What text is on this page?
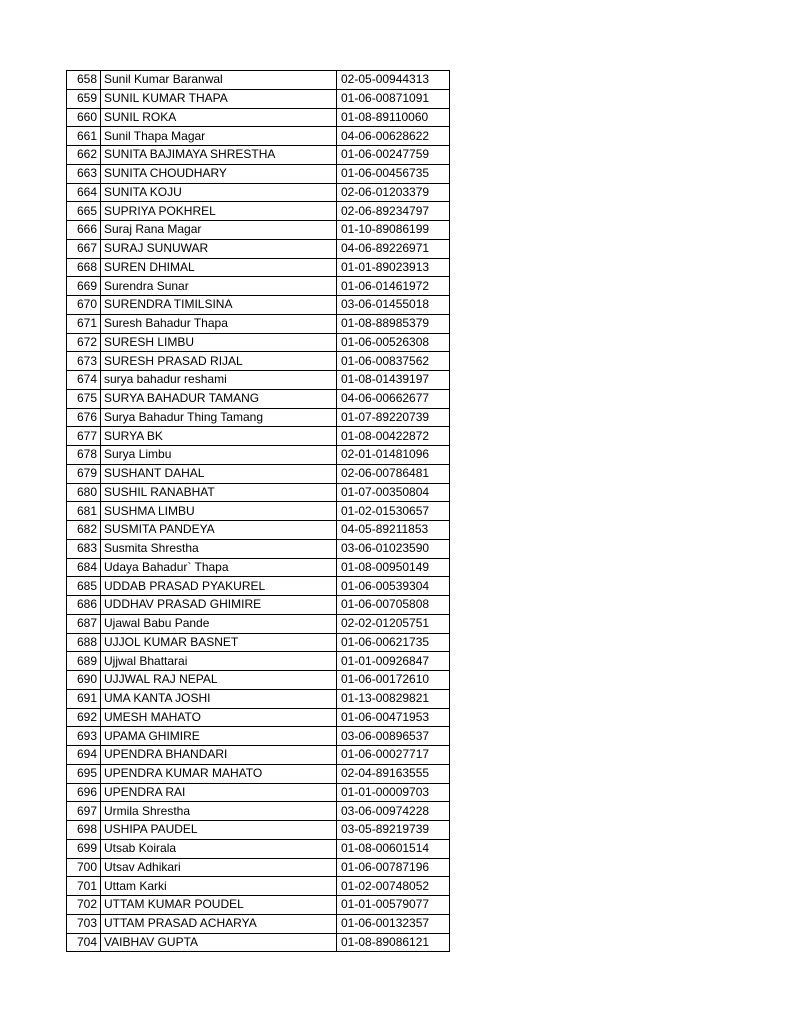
658	Sunil Kumar Baranwal	02-05-00944313
659	SUNIL KUMAR THAPA	01-06-00871091
660	SUNIL ROKA	01-08-89110060
661	Sunil Thapa Magar	04-06-00628622
662	SUNITA BAJIMAYA SHRESTHA	01-06-00247759
663	SUNITA CHOUDHARY	01-06-00456735
664	SUNITA KOJU	02-06-01203379
665	SUPRIYA POKHREL	02-06-89234797
666	Suraj Rana Magar	01-10-89086199
667	SURAJ SUNUWAR	04-06-89226971
668	SUREN DHIMAL	01-01-89023913
669	Surendra Sunar	01-06-01461972
670	SURENDRA TIMILSINA	03-06-01455018
671	Suresh Bahadur Thapa	01-08-88985379
672	SURESH LIMBU	01-06-00526308
673	SURESH PRASAD RIJAL	01-06-00837562
674	surya bahadur reshami	01-08-01439197
675	SURYA BAHADUR TAMANG	04-06-00662677
676	Surya Bahadur Thing Tamang	01-07-89220739
677	SURYA BK	01-08-00422872
678	Surya Limbu	02-01-01481096
679	SUSHANT DAHAL	02-06-00786481
680	SUSHIL RANABHAT	01-07-00350804
681	SUSHMA LIMBU	01-02-01530657
682	SUSMITA PANDEYA	04-05-89211853
683	Susmita Shrestha	03-06-01023590
684	Udaya Bahadur` Thapa	01-08-00950149
685	UDDAB PRASAD PYAKUREL	01-06-00539304
686	UDDHAV PRASAD GHIMIRE	01-06-00705808
687	Ujawal Babu Pande	02-02-01205751
688	UJJOL KUMAR BASNET	01-06-00621735
689	Ujjwal Bhattarai	01-01-00926847
690	UJJWAL RAJ NEPAL	01-06-00172610
691	UMA KANTA JOSHI	01-13-00829821
692	UMESH MAHATO	01-06-00471953
693	UPAMA GHIMIRE	03-06-00896537
694	UPENDRA BHANDARI	01-06-00027717
695	UPENDRA KUMAR MAHATO	02-04-89163555
696	UPENDRA RAI	01-01-00009703
697	Urmila Shrestha	03-06-00974228
698	USHIPA PAUDEL	03-05-89219739
699	Utsab Koirala	01-08-00601514
700	Utsav Adhikari	01-06-00787196
701	Uttam Karki	01-02-00748052
702	UTTAM KUMAR POUDEL	01-01-00579077
703	UTTAM PRASAD ACHARYA	01-06-00132357
704	VAIBHAV GUPTA	01-08-89086121
